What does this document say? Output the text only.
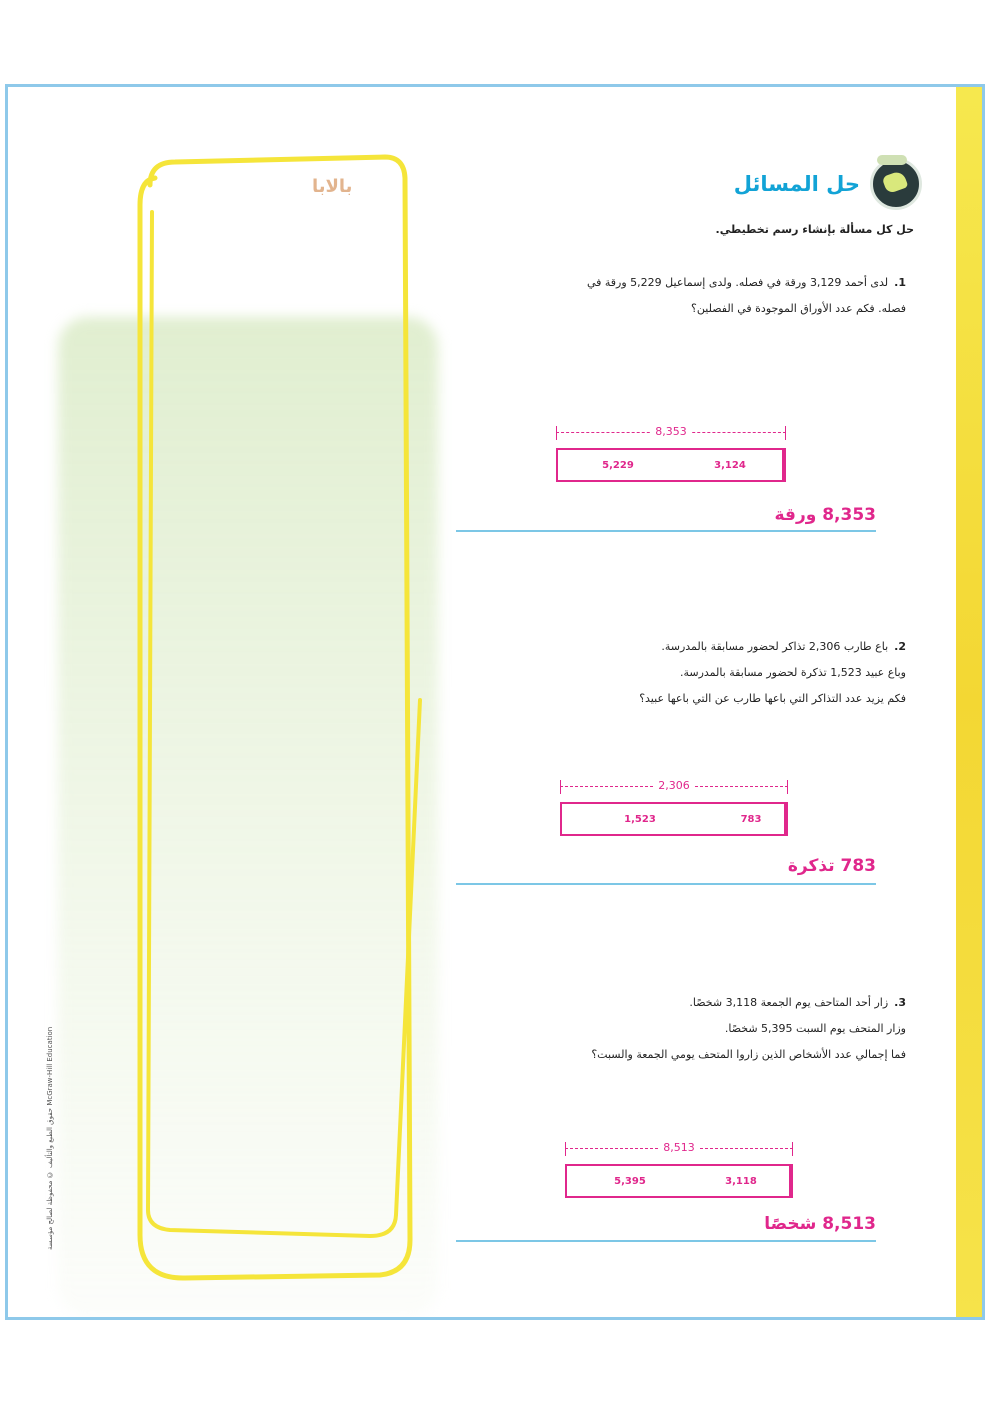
بالابا
حقوق الطبع والتأليف © محفوظة لصالح مؤسسة McGraw-Hill Education
حل المسائل
حل كل مسألة بإنشاء رسم تخطيطي.
1.لدى أحمد 3,129 ورقة في فصله. ولدى إسماعيل 5,229 ورقة في
فصله. فكم عدد الأوراق الموجودة في الفصلين؟
8,353
5,229	3,124
8,353 ورقة
2.باع طارب 2,306 تذاكر لحضور مسابقة بالمدرسة.
وباع عبيد 1,523 تذكرة لحضور مسابقة بالمدرسة.
فكم يزيد عدد التذاكر التي باعها طارب عن التي باعها عبيد؟
2,306
1,523	783
783 تذكرة
3.زار أحد المتاحف يوم الجمعة 3,118 شخصًا.
وزار المتحف يوم السبت 5,395 شخصًا.
فما إجمالي عدد الأشخاص الذين زاروا المتحف يومي الجمعة والسبت؟
8,513
5,395	3,118
8,513 شخصًا
